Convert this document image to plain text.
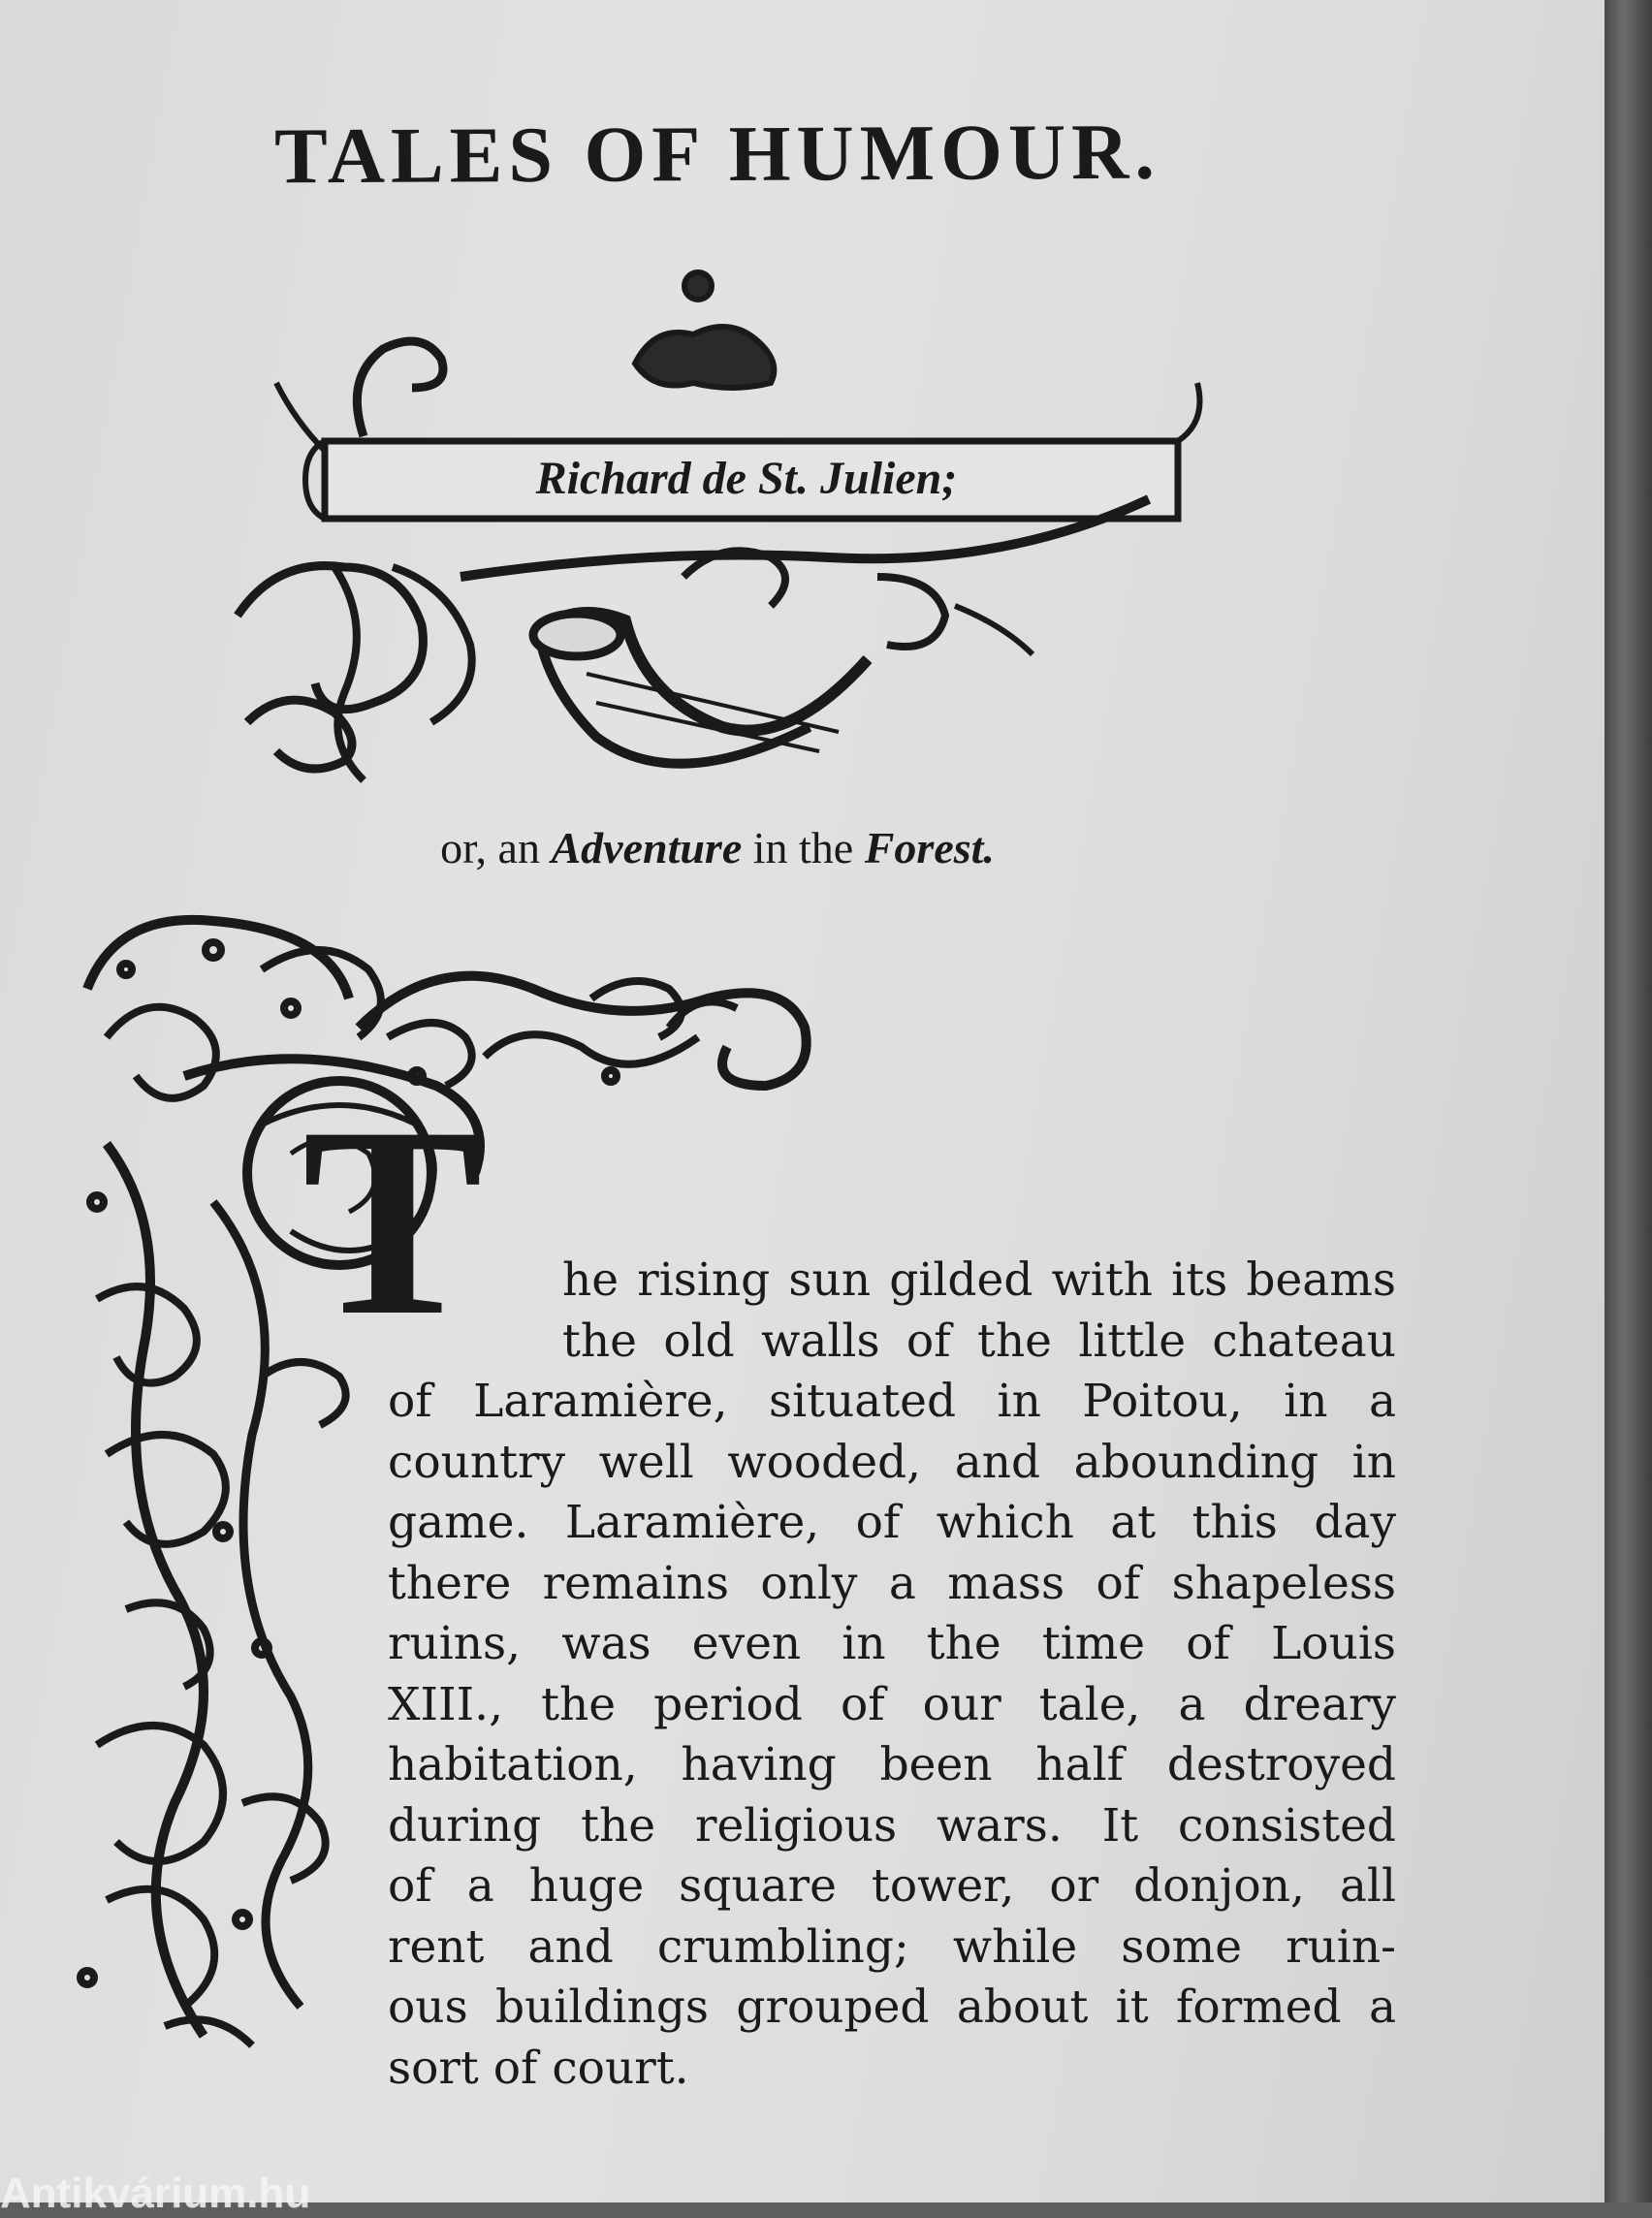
TALES OF HUMOUR.
Richard de St. Julien;
or, an Adventure in the Forest.
T	he rising sun gilded with its beams
the old walls of the little chateau
of Laramière, situated in Poitou, in a
country well wooded, and abounding in
game. Laramière, of which at this day
there remains only a mass of shapeless
ruins, was even in the time of Louis
XIII., the period of our tale, a dreary
habitation, having been half destroyed
during the religious wars. It consisted
of a huge square tower, or donjon, all
rent and crumbling; while some ruin-
ous buildings grouped about it formed a
sort of court.
Antikvárium.hu
